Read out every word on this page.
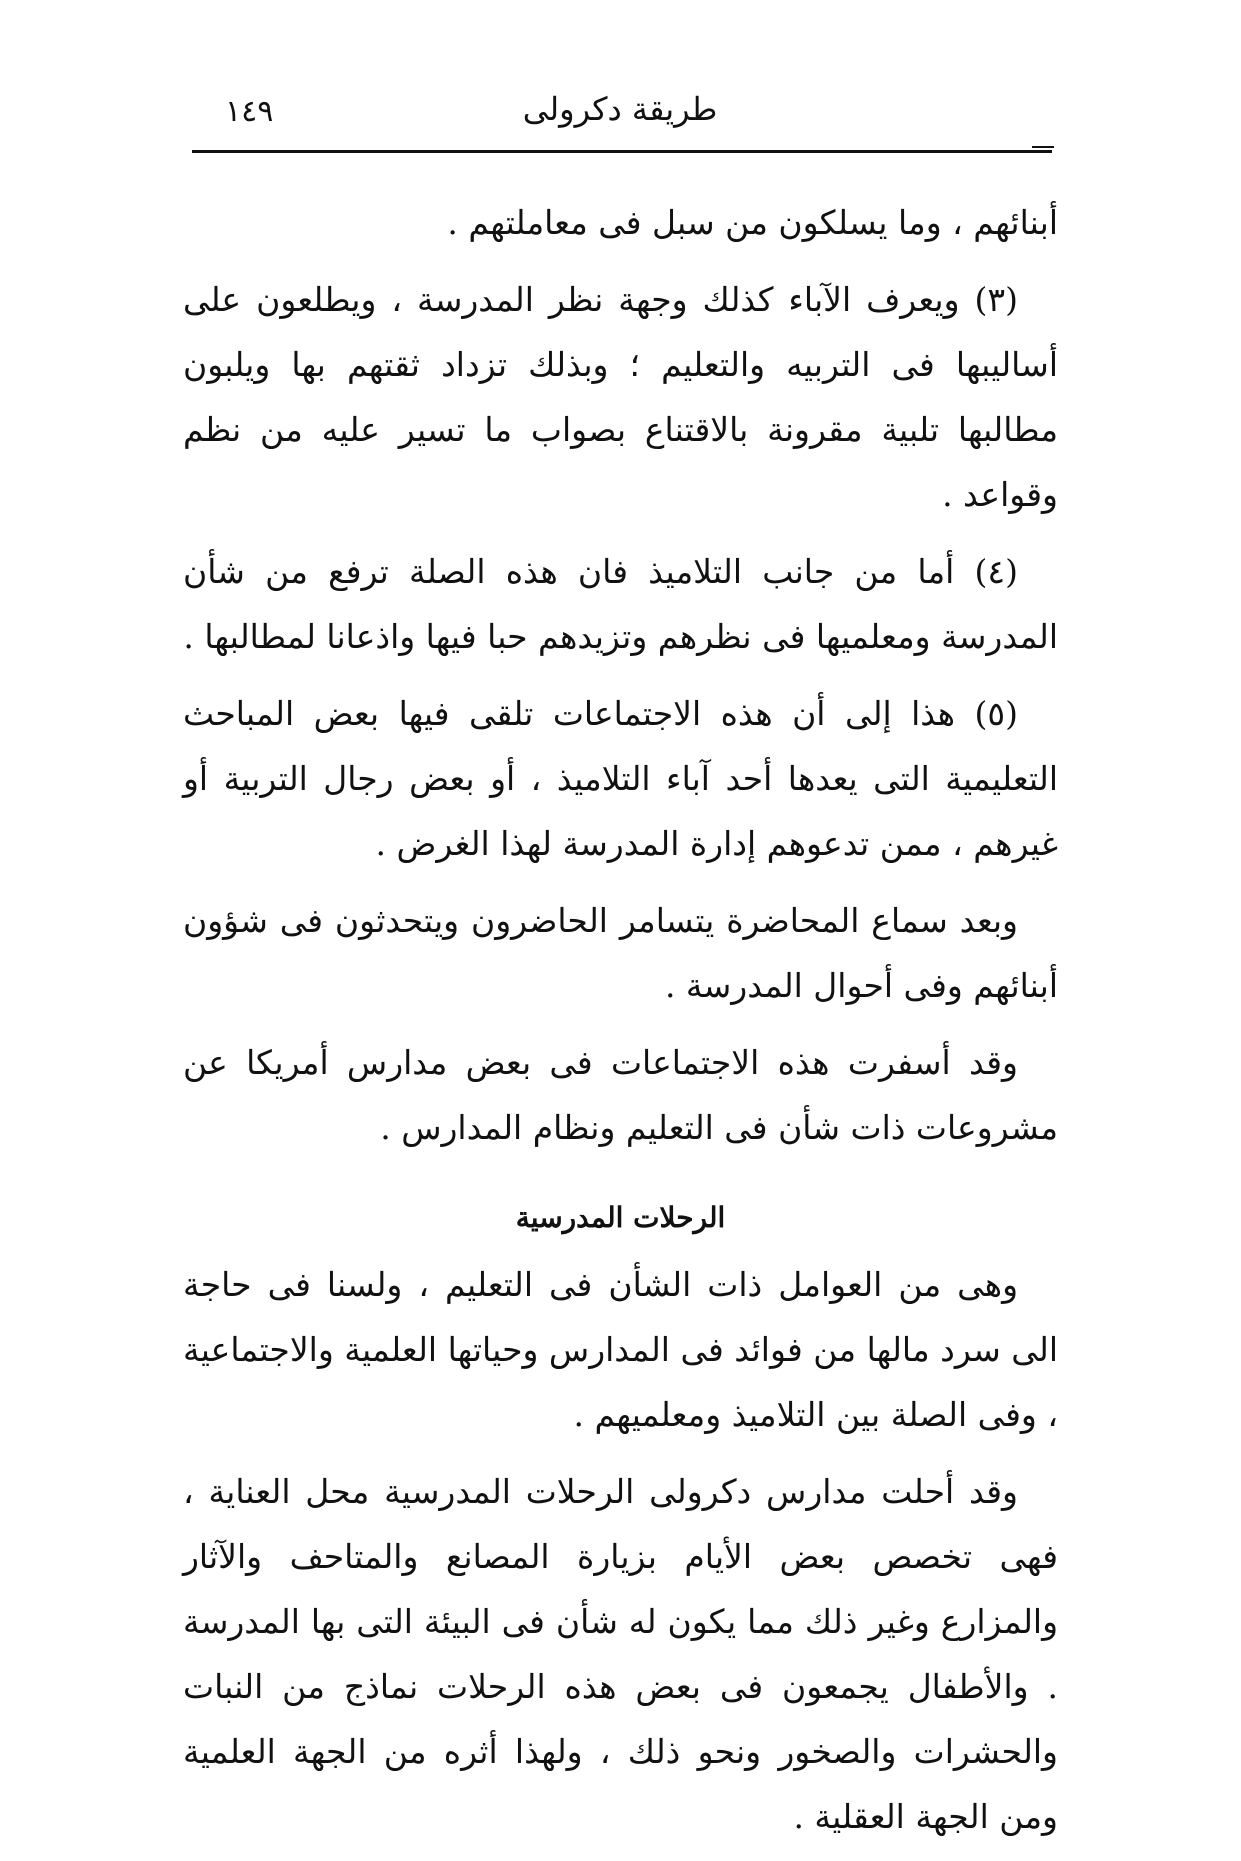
١٤٩	طريقة دكرولى

أبنائهم ، وما يسلكون من سبل فى معاملتهم .

(٣) ويعرف الآباء كذلك وجهة نظر المدرسة ، ويطلعون على أساليبها فى التربيه والتعليم ؛ وبذلك تزداد ثقتهم بها ويلبون مطالبها تلبية مقرونة بالاقتناع بصواب ما تسير عليه من نظم وقواعد .

(٤) أما من جانب التلاميذ فان هذه الصلة ترفع من شأن المدرسة ومعلميها فى نظرهم وتزيدهم حبا فيها واذعانا لمطالبها .

(٥) هذا إلى أن هذه الاجتماعات تلقى فيها بعض المباحث التعليمية التى يعدها أحد آباء التلاميذ ، أو بعض رجال التربية أو غيرهم ، ممن تدعوهم إدارة المدرسة لهذا الغرض .

وبعد سماع المحاضرة يتسامر الحاضرون ويتحدثون فى شؤون أبنائهم وفى أحوال المدرسة .

وقد أسفرت هذه الاجتماعات فى بعض مدارس أمريكا عن مشروعات ذات شأن فى التعليم ونظام المدارس .

الرحلات المدرسية

وهى من العوامل ذات الشأن فى التعليم ، ولسنا فى حاجة الى سرد مالها من فوائد فى المدارس وحياتها العلمية والاجتماعية ، وفى الصلة بين التلاميذ ومعلميهم .

وقد أحلت مدارس دكرولى الرحلات المدرسية محل العناية ، فهى تخصص بعض الأيام بزيارة المصانع والمتاحف والآثار والمزارع وغير ذلك مما يكون له شأن فى البيئة التى بها المدرسة . والأطفال يجمعون فى بعض هذه الرحلات نماذج من النبات والحشرات والصخور ونحو ذلك ، ولهذا أثره من الجهة العلمية ومن الجهة العقلية .
